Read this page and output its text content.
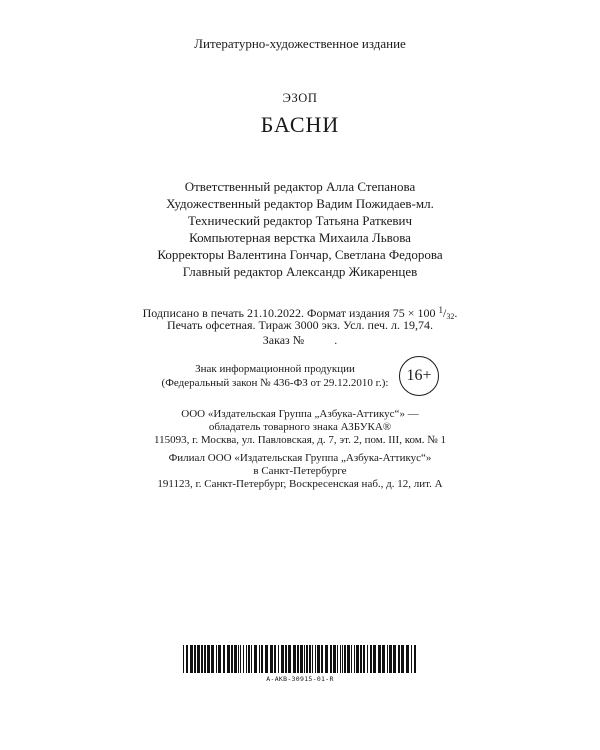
Литературно-художественное издание
ЭЗОП
БАСНИ
Ответственный редактор Алла Степанова
Художественный редактор Вадим Пожидаев-мл.
Технический редактор Татьяна Раткевич
Компьютерная верстка Михаила Львова
Корректоры Валентина Гончар, Светлана Федорова
Главный редактор Александр Жикаренцев
Подписано в печать 21.10.2022. Формат издания 75 × 100 $^1$/32.
Печать офсетная. Тираж 3000 экз. Усл. печ. л. 19,74.
Заказ №          .
Знак информационной продукции
(Федеральный закон № 436-ФЗ от 29.12.2010 г.):	16+
ООО «Издательская Группа „Азбука-Аттикус“» —
обладатель товарного знака АЗБУКА®
115093, г. Москва, ул. Павловская, д. 7, эт. 2, пом. III, ком. № 1
Филиал ООО «Издательская Группа „Азбука-Аттикус“»
в Санкт-Петербурге
191123, г. Санкт-Петербург, Воскресенская наб., д. 12, лит. А
A-AKB-30915-01-R
